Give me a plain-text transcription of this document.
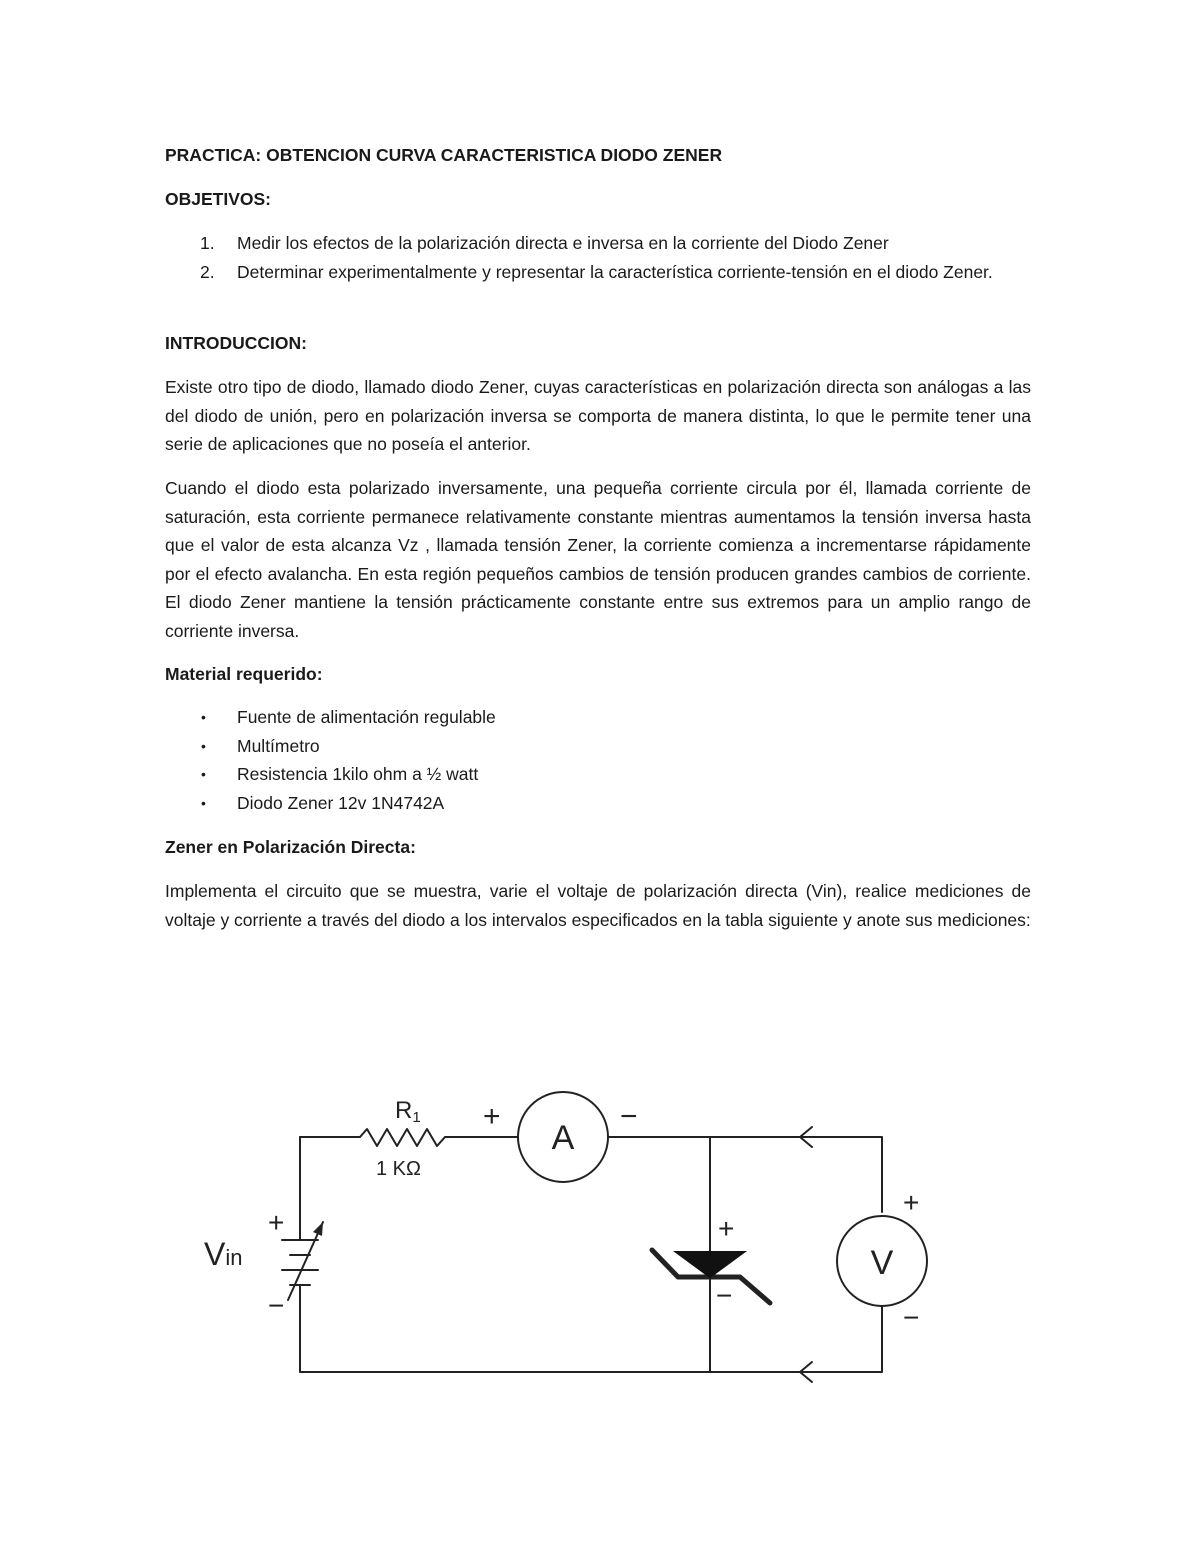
PRACTICA: OBTENCION CURVA CARACTERISTICA DIODO ZENER

OBJETIVOS:

1. Medir los efectos de la polarización directa e inversa en la corriente del Diodo Zener
2. Determinar experimentalmente y representar la característica corriente-tensión en el diodo Zener.

INTRODUCCION:

Existe otro tipo de diodo, llamado diodo Zener, cuyas características en polarización directa son análogas a las del diodo de unión, pero en polarización inversa se comporta de manera distinta, lo que le permite tener una serie de aplicaciones que no poseía el anterior.

Cuando el diodo esta polarizado inversamente, una pequeña corriente circula por él, llamada corriente de saturación, esta corriente permanece relativamente constante mientras aumentamos la tensión inversa hasta que el valor de esta alcanza Vz , llamada tensión Zener, la corriente comienza a incrementarse rápidamente por el efecto avalancha. En esta región pequeños cambios de tensión producen grandes cambios de corriente. El diodo Zener mantiene la tensión prácticamente constante entre sus extremos para un amplio rango de corriente inversa.

Material requerido:

• Fuente de alimentación regulable
• Multímetro
• Resistencia 1kilo ohm a ½ watt
• Diodo Zener 12v 1N4742A

Zener en Polarización Directa:

Implementa el circuito que se muestra, varie el voltaje de polarización directa (Vin), realice mediciones de voltaje y corriente a través del diodo a los intervalos especificados en la tabla siguiente y anote sus mediciones:

R1
1 KΩ
A
+	−
V
+
−
+
−
+
−
Vin
